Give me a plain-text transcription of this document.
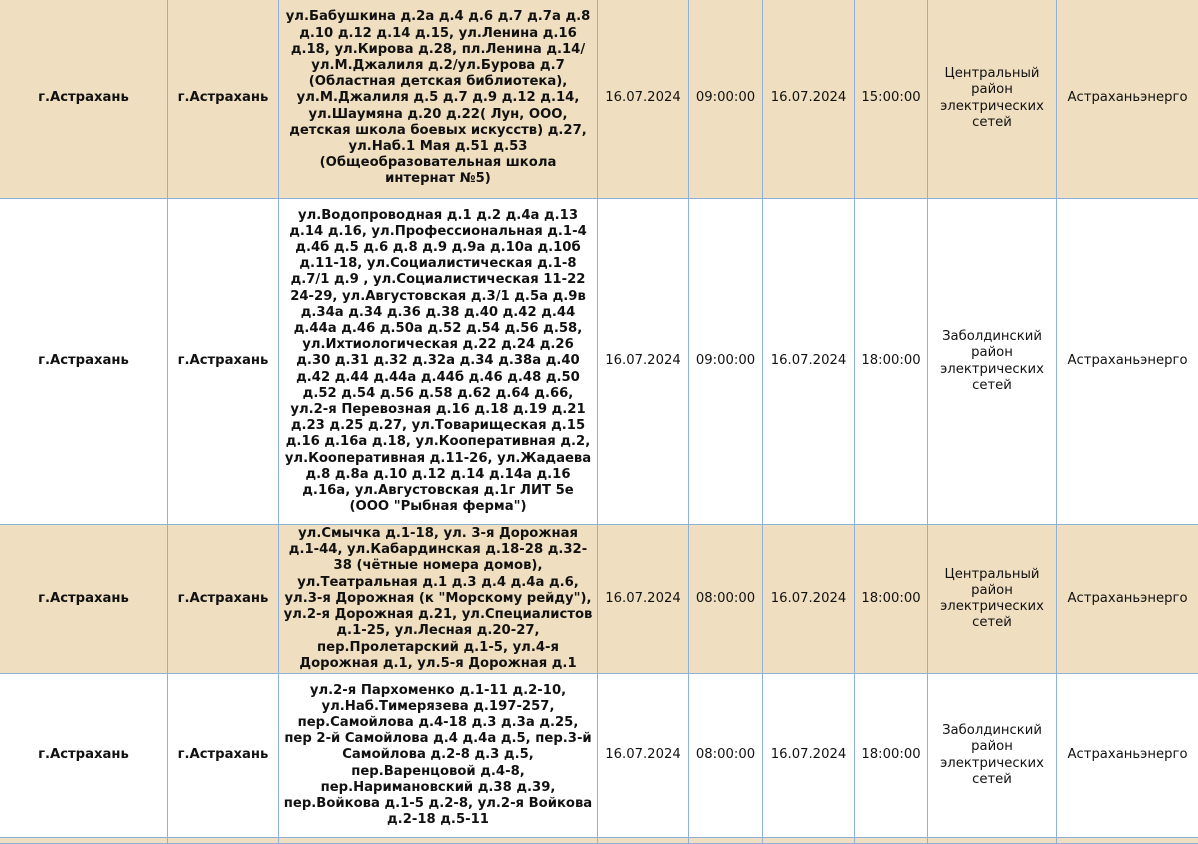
г.Астрахань	г.Астрахань	ул.Бабушкина д.2а д.4 д.6 д.7 д.7а д.8 д.10 д.12 д.14 д.15, ул.Ленина д.16 д.18, ул.Кирова д.28, пл.Ленина д.14/ ул.М.Джалиля д.2/ул.Бурова д.7 (Областная детская библиотека), ул.М.Джалиля д.5 д.7 д.9 д.12 д.14, ул.Шаумяна д.20 д.22( Лун, ООО, детская школа боевых искусств) д.27, ул.Наб.1 Мая д.51 д.53 (Общеобразовательная школа интернат №5)	16.07.2024	09:00:00	16.07.2024	15:00:00	Центральный район электрических сетей	Астраханьэнерго
г.Астрахань	г.Астрахань	ул.Водопроводная д.1 д.2 д.4а д.13 д.14 д.16, ул.Профессиональная д.1-4 д.4б д.5 д.6 д.8 д.9 д.9а д.10а д.10б д.11-18, ул.Социалистическая д.1-8 д.7/1 д.9 , ул.Социалистическая 11-22 24-29, ул.Августовская д.3/1 д.5а д.9в д.34а д.34 д.36 д.38 д.40 д.42 д.44 д.44а д.46 д.50а д.52 д.54 д.56 д.58, ул.Ихтиологическая д.22 д.24 д.26 д.30 д.31 д.32 д.32а д.34 д.38а д.40 д.42 д.44 д.44а д.44б д.46 д.48 д.50 д.52 д.54 д.56 д.58 д.62 д.64 д.66, ул.2-я Перевозная д.16 д.18 д.19 д.21 д.23 д.25 д.27, ул.Товарищеская д.15 д.16 д.16а д.18, ул.Кооперативная д.2, ул.Кооперативная д.11-26, ул.Жадаева д.8 д.8а д.10 д.12 д.14 д.14а д.16 д.16а, ул.Августовская д.1г ЛИТ 5е (ООО "Рыбная ферма")	16.07.2024	09:00:00	16.07.2024	18:00:00	Заболдинский район электрических сетей	Астраханьэнерго
г.Астрахань	г.Астрахань	ул.Смычка д.1-18, ул. 3-я Дорожная д.1-44, ул.Кабардинская д.18-28 д.32-38 (чётные номера домов), ул.Театральная д.1 д.3 д.4 д.4а д.6, ул.3-я Дорожная (к "Морскому рейду"), ул.2-я Дорожная д.21, ул.Специалистов д.1-25, ул.Лесная д.20-27, пер.Пролетарский д.1-5, ул.4-я Дорожная д.1, ул.5-я Дорожная д.1	16.07.2024	08:00:00	16.07.2024	18:00:00	Центральный район электрических сетей	Астраханьэнерго
г.Астрахань	г.Астрахань	ул.2-я Пархоменко д.1-11 д.2-10, ул.Наб.Тимерязева д.197-257, пер.Самойлова д.4-18 д.3 д.3а д.25, пер 2-й Самойлова д.4 д.4а д.5, пер.3-й Самойлова д.2-8 д.3 д.5, пер.Варенцовой д.4-8, пер.Наримановский д.38 д.39, пер.Войкова д.1-5 д.2-8, ул.2-я Войкова д.2-18 д.5-11	16.07.2024	08:00:00	16.07.2024	18:00:00	Заболдинский район электрических сетей	Астраханьэнерго
